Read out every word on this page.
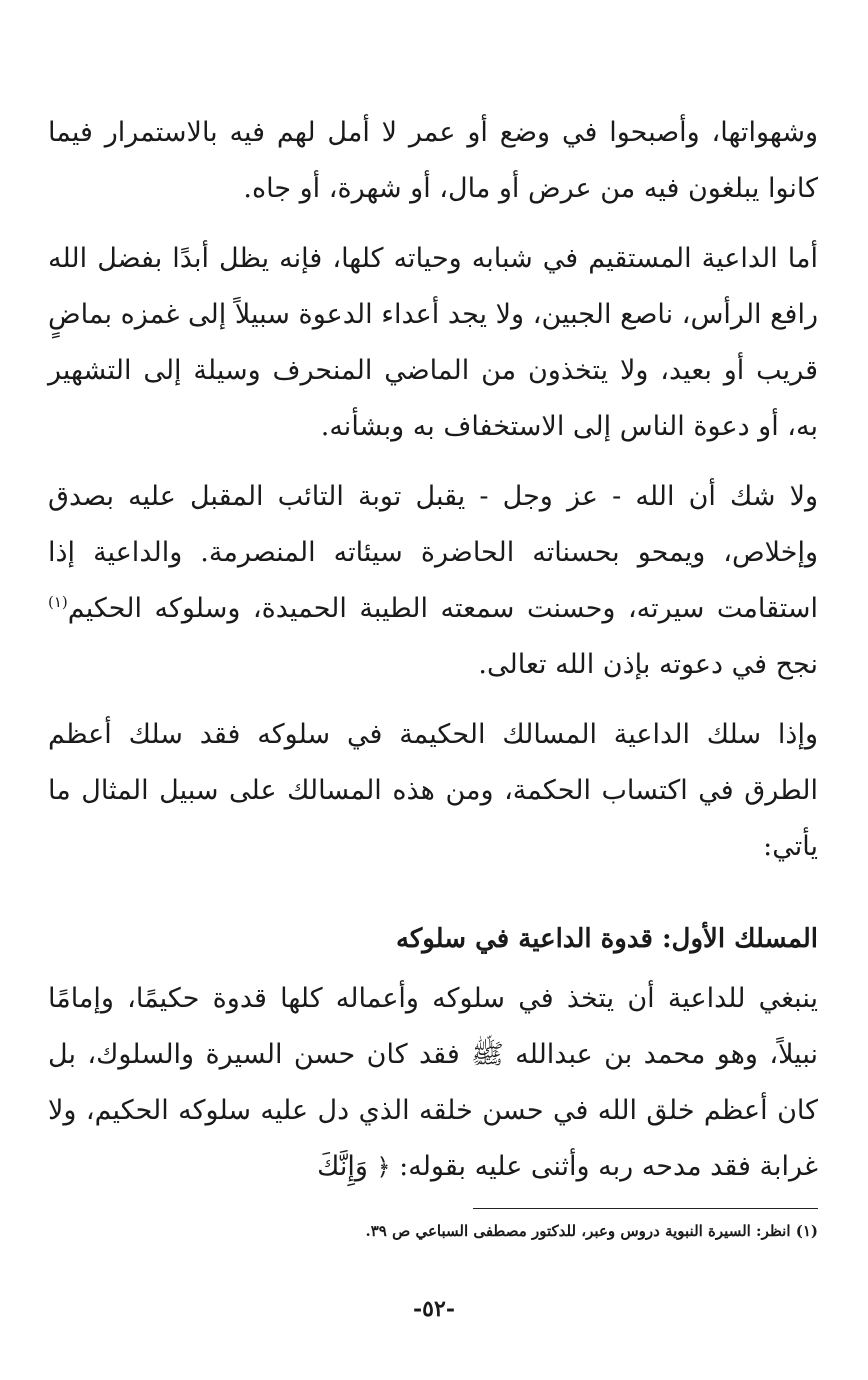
وشهواتها، وأصبحوا في وضع أو عمر لا أمل لهم فيه بالاستمرار فيما كانوا يبلغون فيه من عرض أو مال، أو شهرة، أو جاه.

أما الداعية المستقيم في شبابه وحياته كلها، فإنه يظل أبدًا بفضل الله رافع الرأس، ناصع الجبين، ولا يجد أعداء الدعوة سبيلاً إلى غمزه بماضٍ قريب أو بعيد، ولا يتخذون من الماضي المنحرف وسيلة إلى التشهير به، أو دعوة الناس إلى الاستخفاف به وبشأنه.

ولا شك أن الله - عز وجل - يقبل توبة التائب المقبل عليه بصدق وإخلاص، ويمحو بحسناته الحاضرة سيئاته المنصرمة. والداعية إذا استقامت سيرته، وحسنت سمعته الطيبة الحميدة، وسلوكه الحكيم$^{(١)}$ نجح في دعوته بإذن الله تعالى.

وإذا سلك الداعية المسالك الحكيمة في سلوكه فقد سلك أعظم الطرق في اكتساب الحكمة، ومن هذه المسالك على سبيل المثال ما يأتي:

المسلك الأول: قدوة الداعية في سلوكه

ينبغي للداعية أن يتخذ في سلوكه وأعماله كلها قدوة حكيمًا، وإمامًا نبيلاً، وهو محمد بن عبدالله ﷺ فقد كان حسن السيرة والسلوك، بل كان أعظم خلق الله في حسن خلقه الذي دل عليه سلوكه الحكيم، ولا غرابة فقد مدحه ربه وأثنى عليه بقوله: ﴿ وَإِنَّكَ

(١) انظر: السيرة النبوية دروس وعبر، للدكتور مصطفى السباعي ص ٣٩.
-٥٢-
